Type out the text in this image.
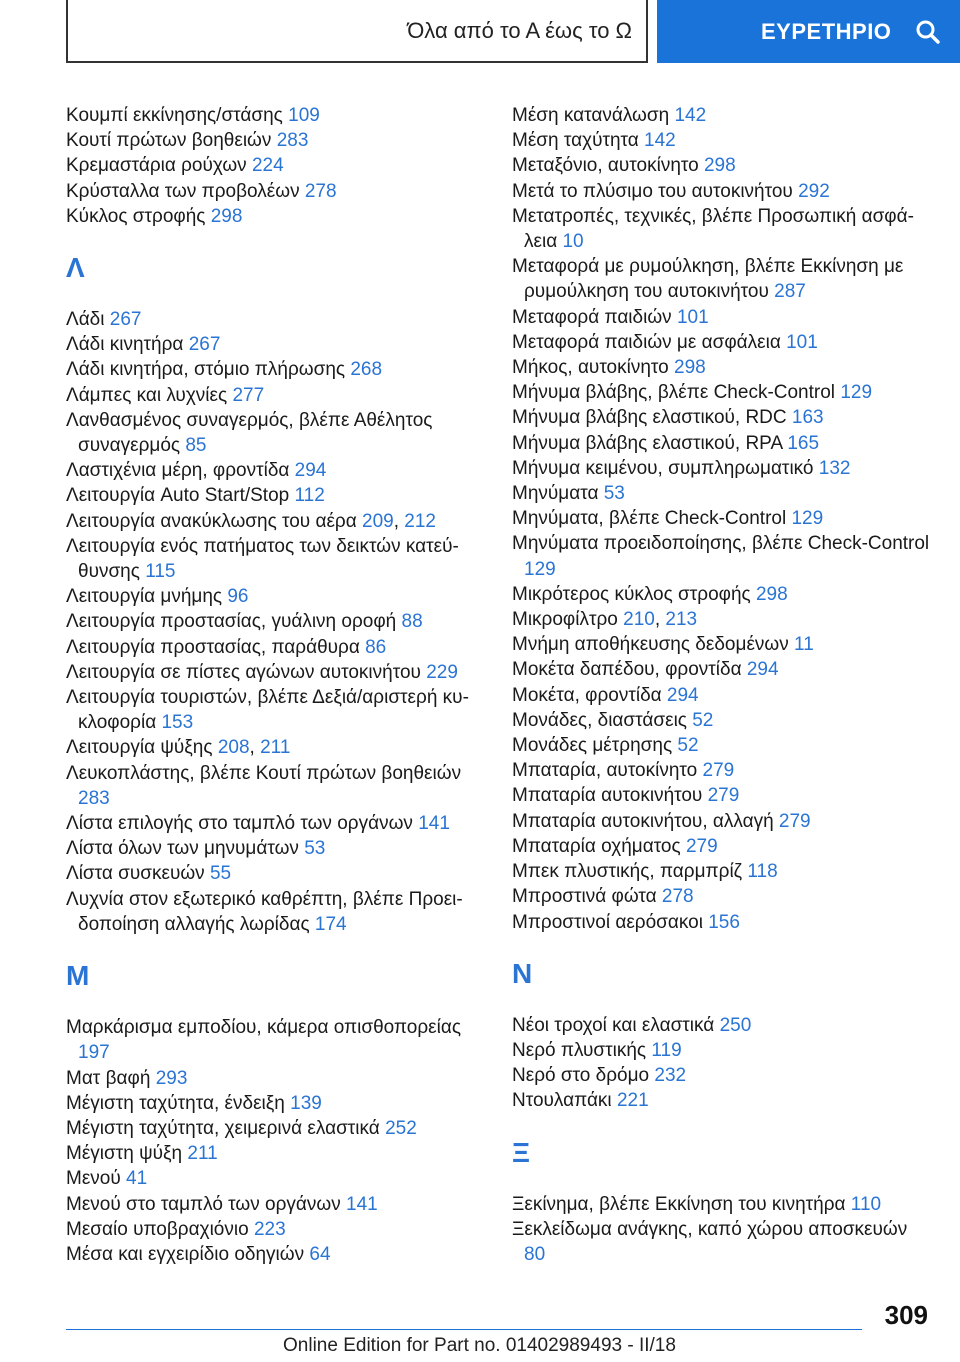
Όλα από το Α έως το Ω	ΕΥΡΕΤΗΡΙΟ
Κουμπί εκκίνησης/στάσης 109
Κουτί πρώτων βοηθειών 283
Κρεμαστάρια ρούχων 224
Κρύσταλλα των προβολέων 278
Κύκλος στροφής 298
Λ
Λάδι 267
Λάδι κινητήρα 267
Λάδι κινητήρα, στόμιο πλήρωσης 268
Λάμπες και λυχνίες 277
Λανθασμένος συναγερμός, βλέπε Αθέλητος συναγερμός 85
Λαστιχένια μέρη, φροντίδα 294
Λειτουργία Auto Start/Stop 112
Λειτουργία ανακύκλωσης του αέρα 209, 212
Λειτουργία ενός πατήματος των δεικτών κατεύθυνσης 115
Λειτουργία μνήμης 96
Λειτουργία προστασίας, γυάλινη οροφή 88
Λειτουργία προστασίας, παράθυρα 86
Λειτουργία σε πίστες αγώνων αυτοκινήτου 229
Λειτουργία τουριστών, βλέπε Δεξιά/αριστερή κυκλοφορία 153
Λειτουργία ψύξης 208, 211
Λευκοπλάστης, βλέπε Κουτί πρώτων βοηθειών 283
Λίστα επιλογής στο ταμπλό των οργάνων 141
Λίστα όλων των μηνυμάτων 53
Λίστα συσκευών 55
Λυχνία στον εξωτερικό καθρέπτη, βλέπε Προειδοποίηση αλλαγής λωρίδας 174
Μ
Μαρκάρισμα εμποδίου, κάμερα οπισθοπορείας 197
Ματ βαφή 293
Μέγιστη ταχύτητα, ένδειξη 139
Μέγιστη ταχύτητα, χειμερινά ελαστικά 252
Μέγιστη ψύξη 211
Μενού 41
Μενού στο ταμπλό των οργάνων 141
Μεσαίο υποβραχιόνιο 223
Μέσα και εγχειρίδιο οδηγιών 64
Μέση κατανάλωση 142
Μέση ταχύτητα 142
Μεταξόνιο, αυτοκίνητο 298
Μετά το πλύσιμο του αυτοκινήτου 292
Μετατροπές, τεχνικές, βλέπε Προσωπική ασφάλεια 10
Μεταφορά με ρυμούλκηση, βλέπε Εκκίνηση με ρυμούλκηση του αυτοκινήτου 287
Μεταφορά παιδιών 101
Μεταφορά παιδιών με ασφάλεια 101
Μήκος, αυτοκίνητο 298
Μήνυμα βλάβης, βλέπε Check-Control 129
Μήνυμα βλάβης ελαστικού, RDC 163
Μήνυμα βλάβης ελαστικού, RPA 165
Μήνυμα κειμένου, συμπληρωματικό 132
Μηνύματα 53
Μηνύματα, βλέπε Check-Control 129
Μηνύματα προειδοποίησης, βλέπε Check-Control 129
Μικρότερος κύκλος στροφής 298
Μικροφίλτρο 210, 213
Μνήμη αποθήκευσης δεδομένων 11
Μοκέτα δαπέδου, φροντίδα 294
Μοκέτα, φροντίδα 294
Μονάδες, διαστάσεις 52
Μονάδες μέτρησης 52
Μπαταρία, αυτοκίνητο 279
Μπαταρία αυτοκινήτου 279
Μπαταρία αυτοκινήτου, αλλαγή 279
Μπαταρία οχήματος 279
Μπεκ πλυστικής, παρμπρίζ 118
Μπροστινά φώτα 278
Μπροστινοί αερόσακοι 156
Ν
Νέοι τροχοί και ελαστικά 250
Νερό πλυστικής 119
Νερό στο δρόμο 232
Ντουλαπάκι 221
Ξ
Ξεκίνημα, βλέπε Εκκίνηση του κινητήρα 110
Ξεκλείδωμα ανάγκης, καπό χώρου αποσκευών 80
309
Online Edition for Part no. 01402989493 - II/18
